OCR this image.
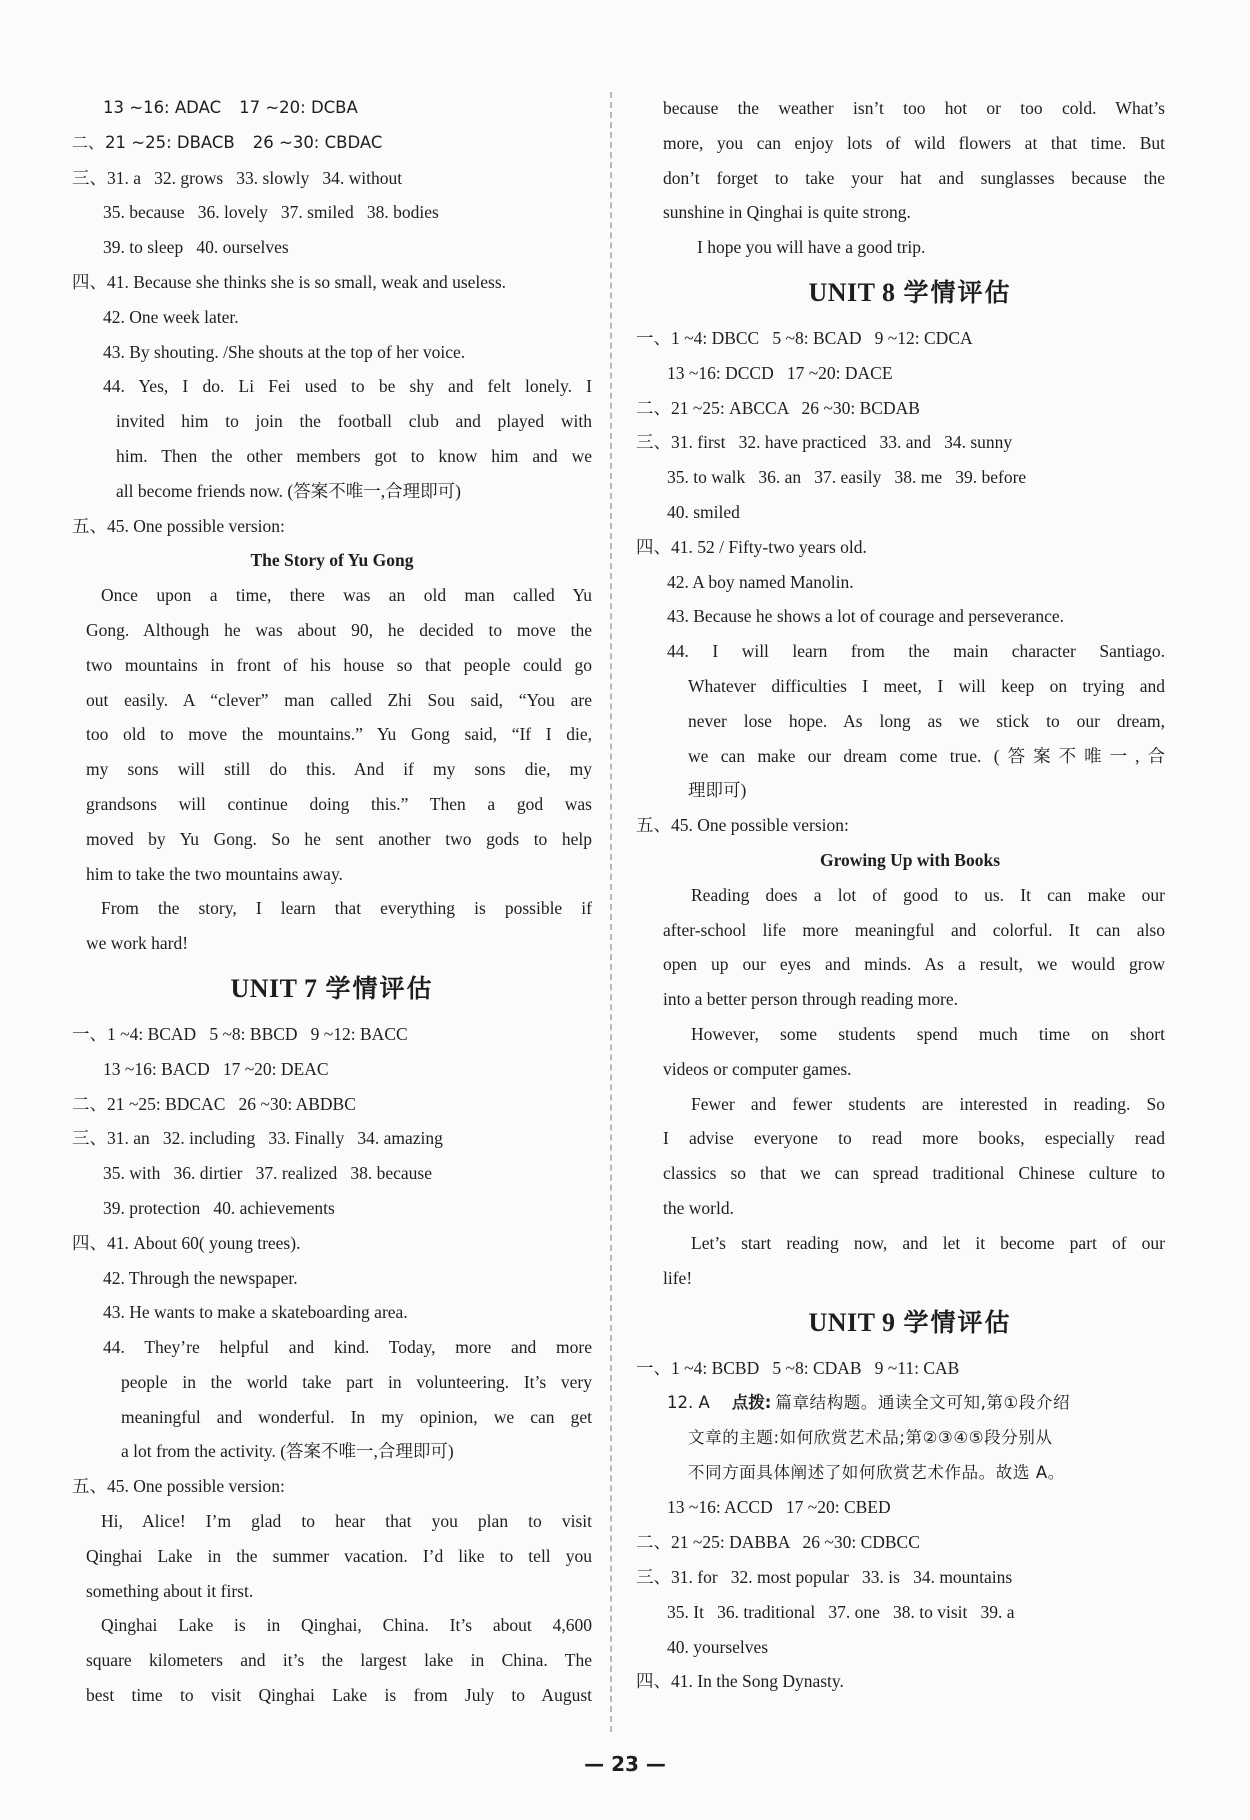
13 ~16: ADAC 17 ~20: DCBA
二、 21 ~25: DBACB 26 ~30: CBDAC
三、31. a   32. grows   33. slowly   34. without
35. because   36. lovely   37. smiled   38. bodies
39. to sleep   40. ourselves
四、41. Because she thinks she is so small, weak and useless.
42. One week later.
43. By shouting. /She shouts at the top of her voice.
44. Yes, I do. Li Fei used to be shy and felt lonely. I
invited him to join the football club and played with
him. Then the other members got to know him and we
all become friends now. (答案不唯一,合理即可)
五、45. One possible version:
The Story of Yu Gong
Once upon a time, there was an old man called Yu
Gong. Although he was about 90, he decided to move the
two mountains in front of his house so that people could go
out easily. A “clever” man called Zhi Sou said, “You are
too old to move the mountains.” Yu Gong said, “If I die,
my sons will still do this. And if my sons die, my
grandsons will continue doing this.” Then a god was
moved by Yu Gong. So he sent another two gods to help
him to take the two mountains away.
From the story, I learn that everything is possible if
we work hard!
UNIT 7 学情评估
一、1 ~4: BCAD   5 ~8: BBCD   9 ~12: BACC
13 ~16: BACD   17 ~20: DEAC
二、21 ~25: BDCAC   26 ~30: ABDBC
三、31. an   32. including   33. Finally   34. amazing
35. with   36. dirtier   37. realized   38. because
39. protection   40. achievements
四、41. About 60( young trees).
42. Through the newspaper.
43. He wants to make a skateboarding area.
44. They’re helpful and kind. Today, more and more
people in the world take part in volunteering. It’s very
meaningful and wonderful. In my opinion, we can get
a lot from the activity. (答案不唯一,合理即可)
五、45. One possible version:
Hi, Alice! I’m glad to hear that you plan to visit
Qinghai Lake in the summer vacation. I’d like to tell you
something about it first.
Qinghai Lake is in Qinghai, China. It’s about 4,600
square kilometers and it’s the largest lake in China. The
best time to visit Qinghai Lake is from July to August
because the weather isn’t too hot or too cold. What’s
more, you can enjoy lots of wild flowers at that time. But
don’t forget to take your hat and sunglasses because the
sunshine in Qinghai is quite strong.
I hope you will have a good trip.
UNIT 8 学情评估
一、1 ~4: DBCC   5 ~8: BCAD   9 ~12: CDCA
13 ~16: DCCD   17 ~20: DACE
二、21 ~25: ABCCA   26 ~30: BCDAB
三、31. first   32. have practiced   33. and   34. sunny
35. to walk   36. an   37. easily   38. me   39. before
40. smiled
四、41. 52 / Fifty-two years old.
42. A boy named Manolin.
43. Because he shows a lot of courage and perseverance.
44. I will learn from the main character Santiago.
Whatever difficulties I meet, I will keep on trying and
never lose hope. As long as we stick to our dream,
we can make our dream come true. (答案不唯一,合
理即可)
五、45. One possible version:
Growing Up with Books
Reading does a lot of good to us. It can make our
after-school life more meaningful and colorful. It can also
open up our eyes and minds. As a result, we would grow
into a better person through reading more.
However, some students spend much time on short
videos or computer games.
Fewer and fewer students are interested in reading. So
I advise everyone to read more books, especially read
classics so that we can spread traditional Chinese culture to
the world.
Let’s start reading now, and let it become part of our
life!
UNIT 9 学情评估
一、1 ~4: BCBD   5 ~8: CDAB   9 ~11: CAB
12. A 点拨: 篇章结构题。通读全文可知,第①段介绍
文章的主题:如何欣赏艺术品;第②③④⑤段分别从
不同方面具体阐述了如何欣赏艺术作品。故选 A。
13 ~16: ACCD   17 ~20: CBED
二、21 ~25: DABBA   26 ~30: CDBCC
三、31. for   32. most popular   33. is   34. mountains
35. It   36. traditional   37. one   38. to visit   39. a
40. yourselves
四、41. In the Song Dynasty.
— 23 —
